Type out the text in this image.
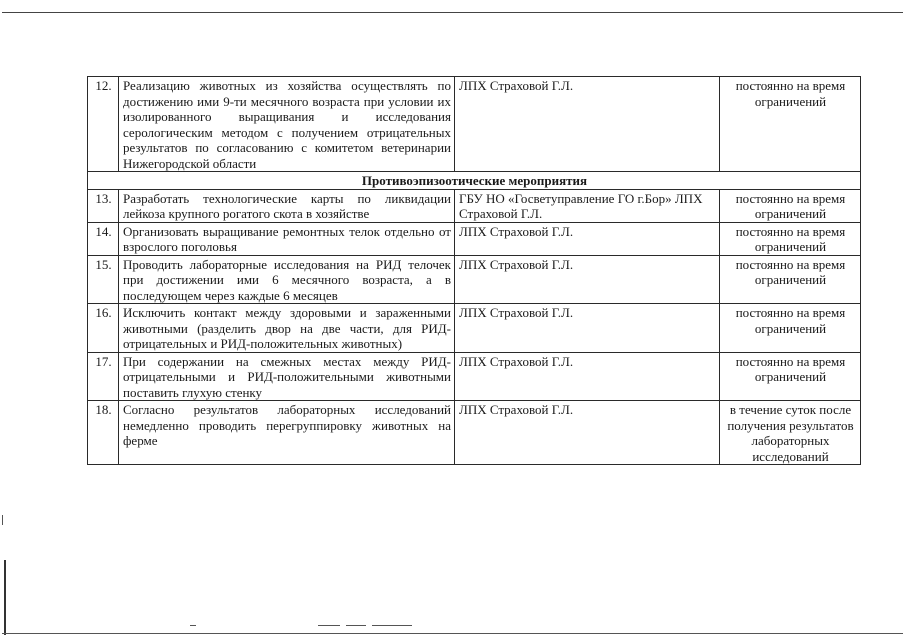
12.	Реализацию животных из хозяйства осуществлять по достижению ими 9-ти месячного возраста при условии их изолированного выращивания и исследования серологическим методом с получением отрицательных результатов по согласованию с комитетом ветеринарии Нижегородской области	ЛПХ Страховой Г.Л.	постоянно на время ограничений
Противоэпизоотические мероприятия			
13.	Разработать технологические карты по ликвидации лейкоза крупного рогатого скота в хозяйстве	ГБУ НО «Госветуправление ГО г.Бор» ЛПХ Страховой Г.Л.	постоянно на время ограничений
14.	Организовать выращивание ремонтных телок отдельно от взрослого поголовья	ЛПХ Страховой Г.Л.	постоянно на время ограничений
15.	Проводить лабораторные исследования на РИД телочек при достижении ими 6 месячного возраста, а в последующем через каждые 6 месяцев	ЛПХ Страховой Г.Л.	постоянно на время ограничений
16.	Исключить контакт между здоровыми и зараженными животными (разделить двор на две части, для РИД-отрицательных и РИД-положительных животных)	ЛПХ Страховой Г.Л.	постоянно на время ограничений
17.	При содержании на смежных местах между РИД-отрицательными и РИД-положительными животными поставить глухую стенку	ЛПХ Страховой Г.Л.	постоянно на время ограничений
18.	Согласно результатов лабораторных исследований немедленно проводить перегруппировку животных на ферме	ЛПХ Страховой Г.Л.	в течение суток после получения результатов лабораторных исследований
